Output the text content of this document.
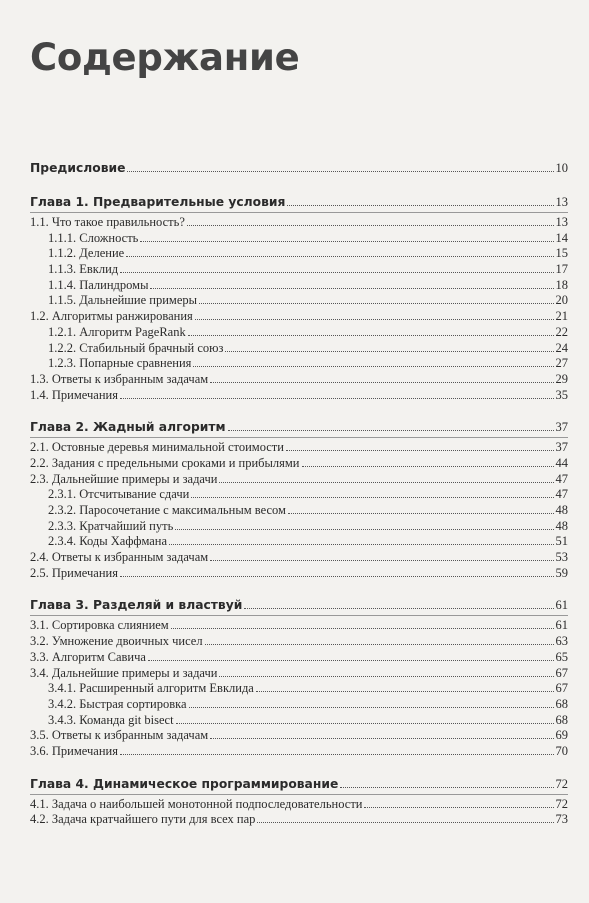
Содержание
Предисловие	10
Глава 1. Предварительные условия	13
1.1. Что такое правильность?	13
1.1.1. Сложность	14
1.1.2. Деление	15
1.1.3. Евклид	17
1.1.4. Палиндромы	18
1.1.5. Дальнейшие примеры	20
1.2. Алгоритмы ранжирования	21
1.2.1. Алгоритм PageRank	22
1.2.2. Стабильный брачный союз	24
1.2.3. Попарные сравнения	27
1.3. Ответы к избранным задачам	29
1.4. Примечания	35
Глава 2. Жадный алгоритм	37
2.1. Остовные деревья минимальной стоимости	37
2.2. Задания с предельными сроками и прибылями	44
2.3. Дальнейшие примеры и задачи	47
2.3.1. Отсчитывание сдачи	47
2.3.2. Паросочетание с максимальным весом	48
2.3.3. Кратчайший путь	48
2.3.4. Коды Хаффмана	51
2.4. Ответы к избранным задачам	53
2.5. Примечания	59
Глава 3. Разделяй и властвуй	61
3.1. Сортировка слиянием	61
3.2. Умножение двоичных чисел	63
3.3. Алгоритм Савича	65
3.4. Дальнейшие примеры и задачи	67
3.4.1. Расширенный алгоритм Евклида	67
3.4.2. Быстрая сортировка	68
3.4.3. Команда git bisect	68
3.5. Ответы к избранным задачам	69
3.6. Примечания	70
Глава 4. Динамическое программирование	72
4.1. Задача о наибольшей монотонной подпоследовательности	72
4.2. Задача кратчайшего пути для всех пар	73
